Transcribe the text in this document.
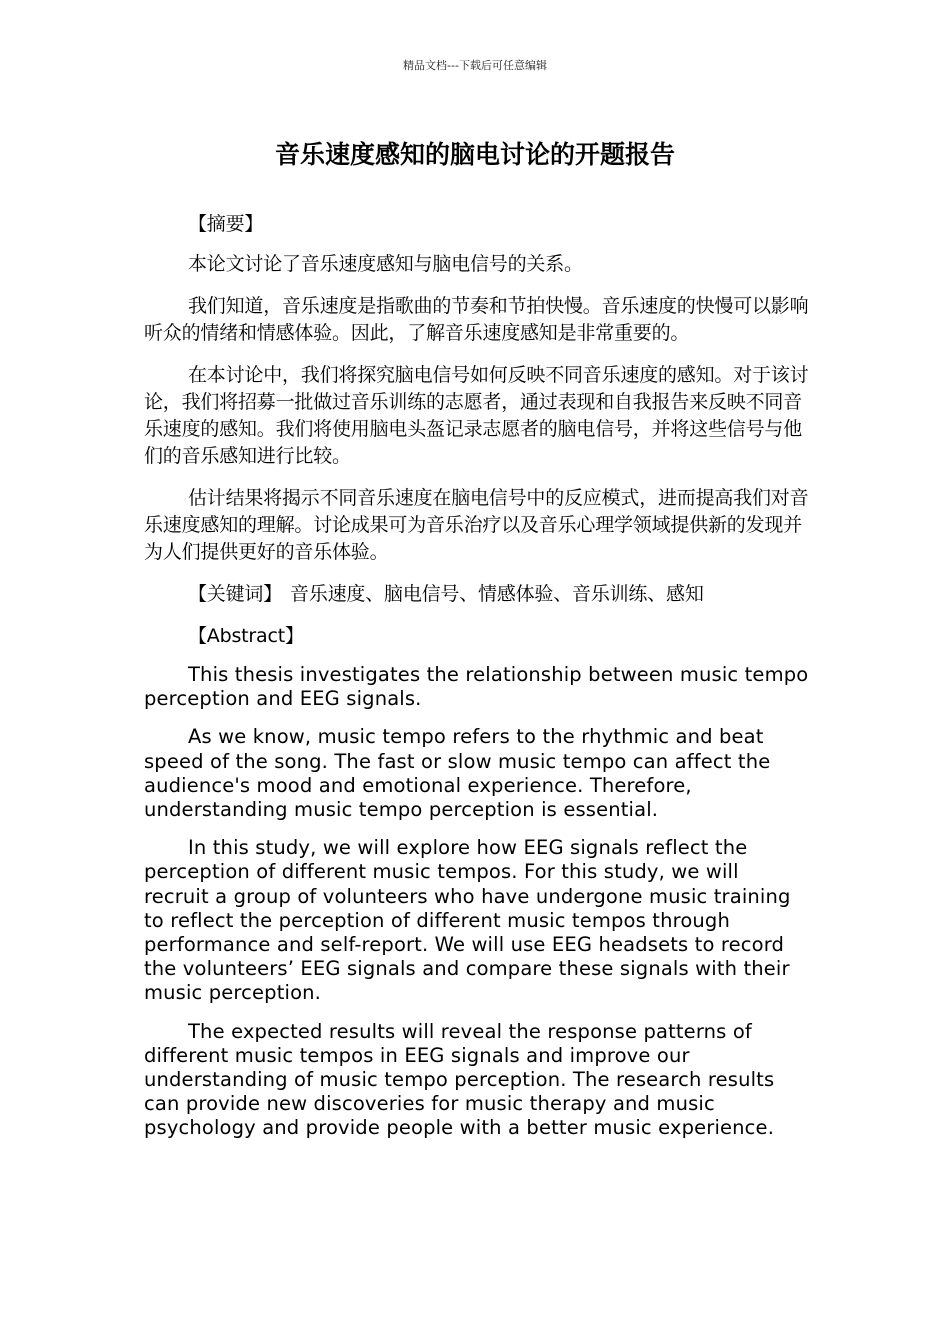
精品文档---下载后可任意编辑
音乐速度感知的脑电讨论的开题报告

【摘要】

本论文讨论了音乐速度感知与脑电信号的关系。

我们知道，音乐速度是指歌曲的节奏和节拍快慢。音乐速度的快慢可以影响听众的情绪和情感体验。因此，了解音乐速度感知是非常重要的。

在本讨论中，我们将探究脑电信号如何反映不同音乐速度的感知。对于该讨论，我们将招募一批做过音乐训练的志愿者，通过表现和自我报告来反映不同音乐速度的感知。我们将使用脑电头盔记录志愿者的脑电信号，并将这些信号与他们的音乐感知进行比较。

估计结果将揭示不同音乐速度在脑电信号中的反应模式，进而提高我们对音乐速度感知的理解。讨论成果可为音乐治疗以及音乐心理学领域提供新的发现并为人们提供更好的音乐体验。

【关键词】 音乐速度、脑电信号、情感体验、音乐训练、感知

【Abstract】

This thesis investigates the relationship between music tempo perception and EEG signals.

As we know, music tempo refers to the rhythmic and beat speed of the song. The fast or slow music tempo can affect the audience's mood and emotional experience. Therefore, understanding music tempo perception is essential.

In this study, we will explore how EEG signals reflect the perception of different music tempos. For this study, we will recruit a group of volunteers who have undergone music training to reflect the perception of different music tempos through performance and self-report. We will use EEG headsets to record the volunteers’ EEG signals and compare these signals with their music perception.

The expected results will reveal the response patterns of different music tempos in EEG signals and improve our understanding of music tempo perception. The research results can provide new discoveries for music therapy and music psychology and provide people with a better music experience.
